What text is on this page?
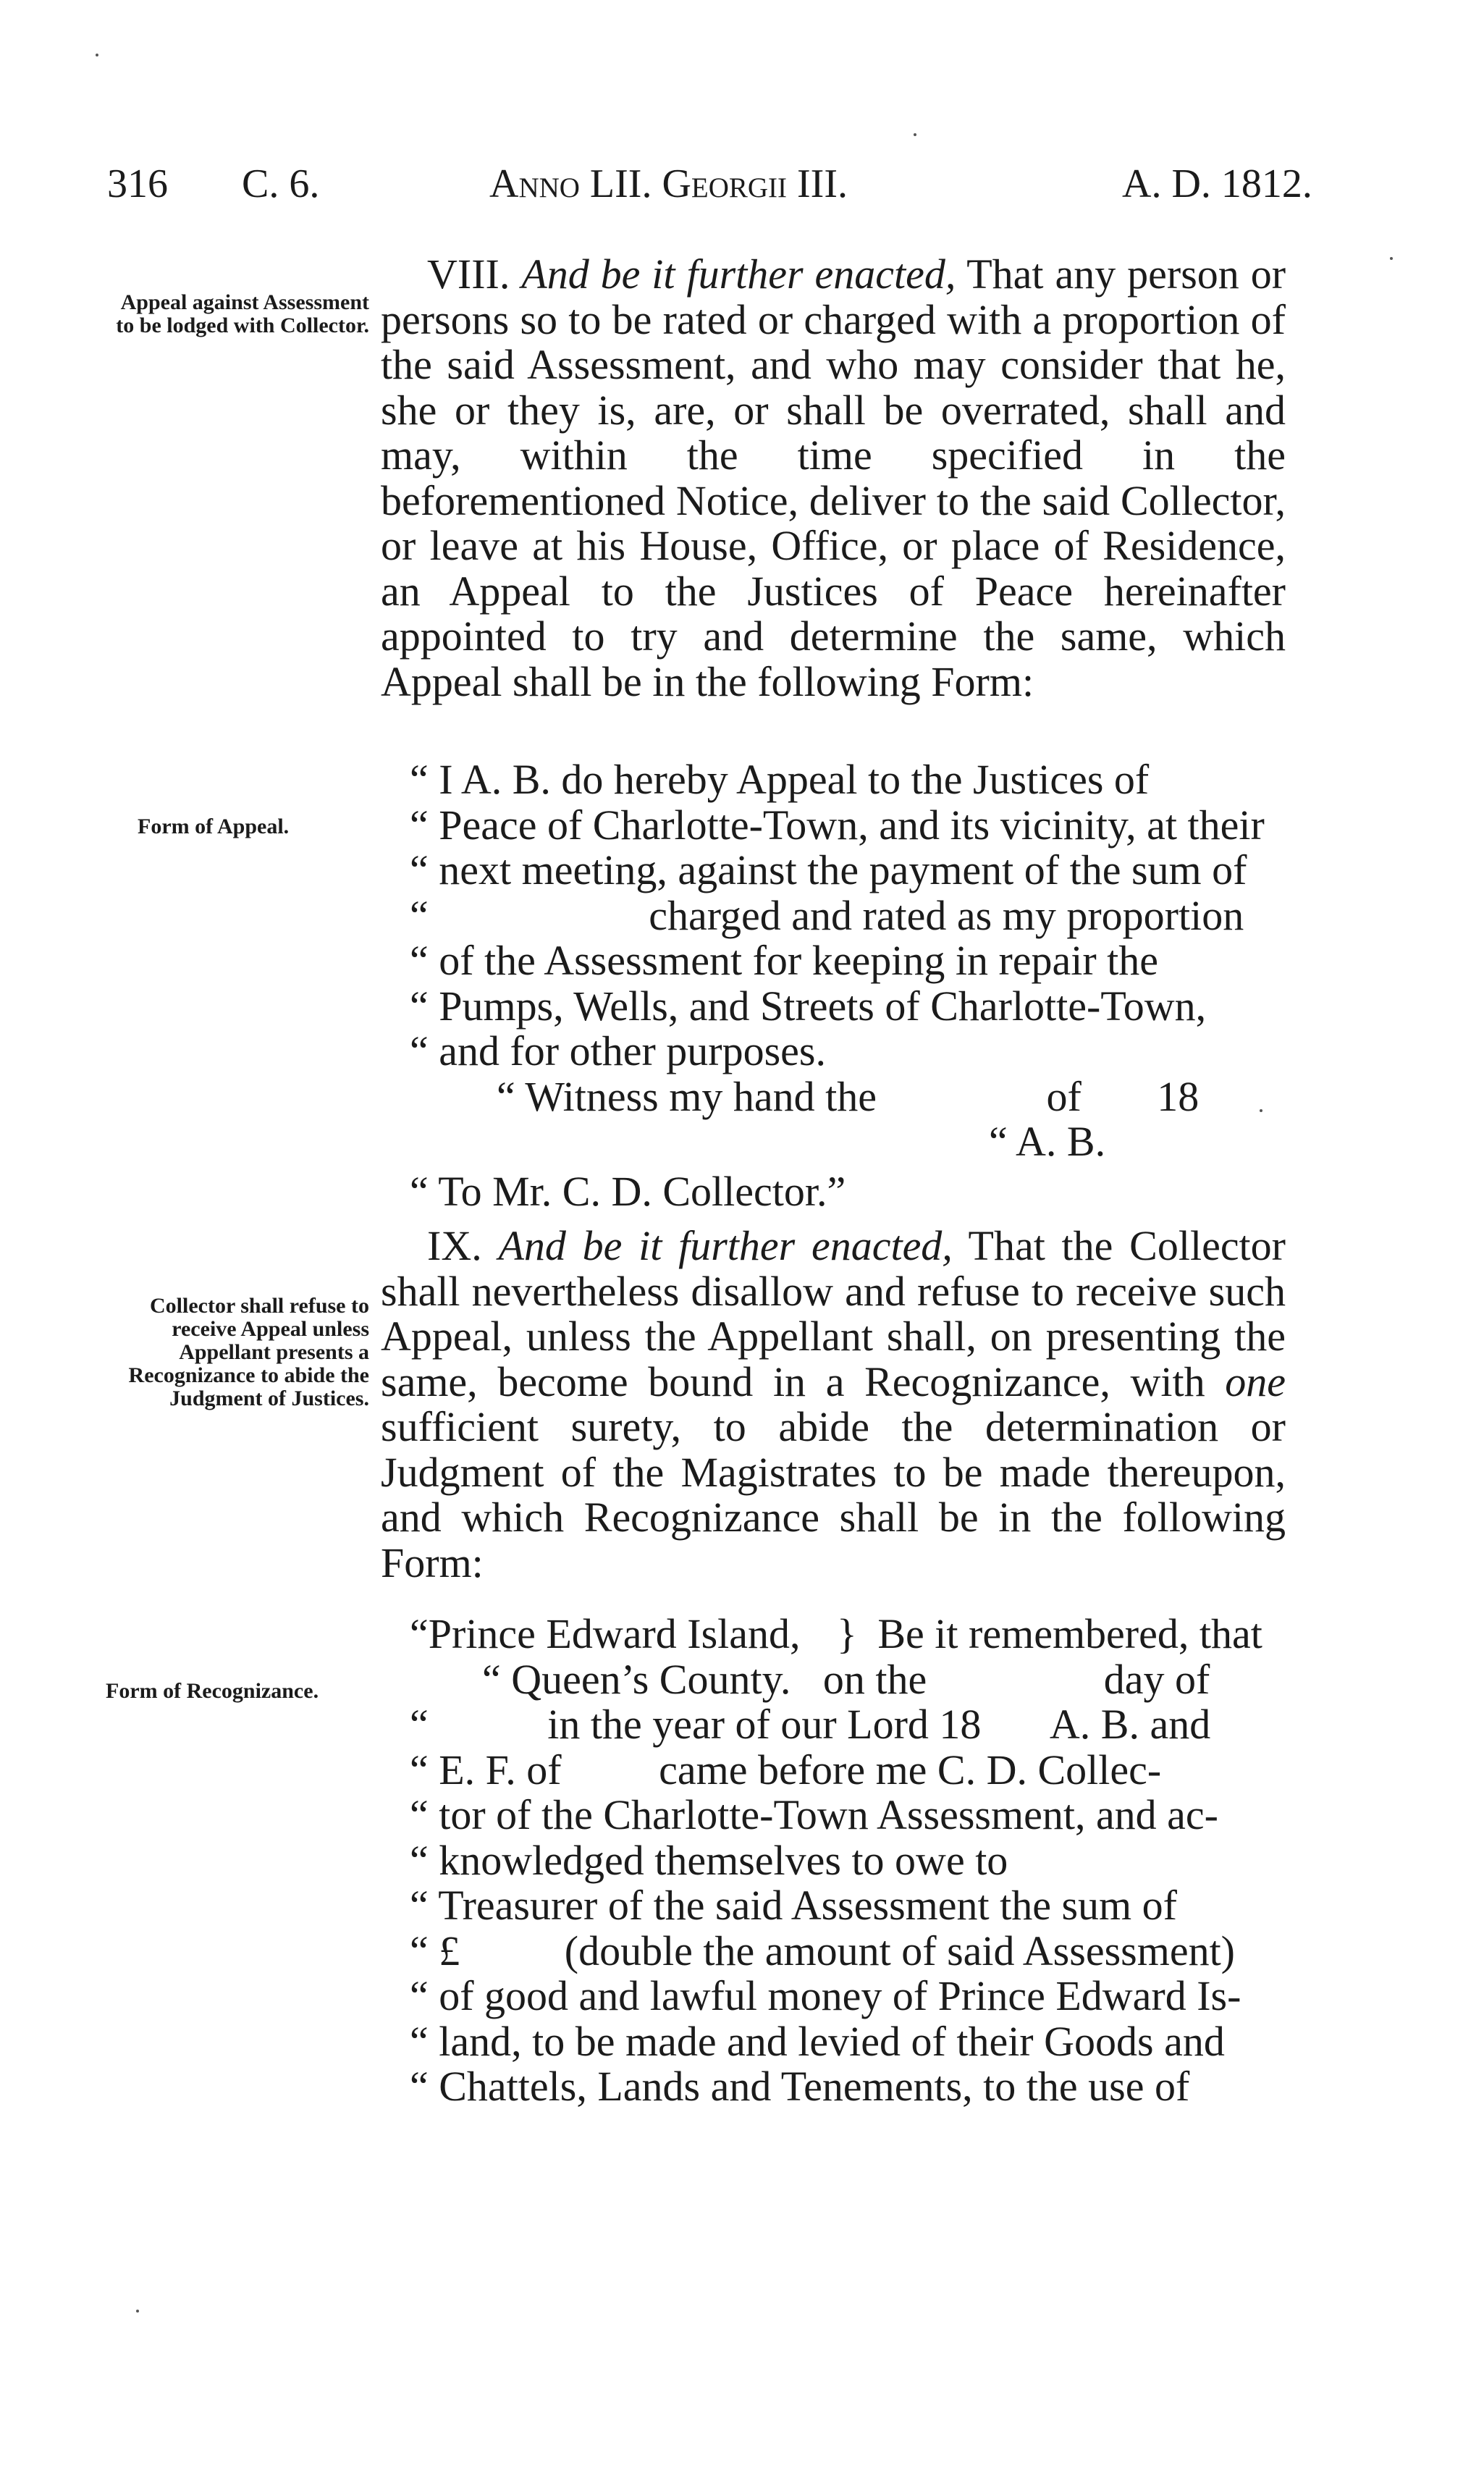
316 C. 6.	Anno LII. Georgii III.	A. D. 1812.
Appeal against Assessment to be lodged with Collector.
Form of Appeal.
Collector shall refuse to receive Appeal unless Appellant presents a Recognizance to abide the Judgment of Justices.
Form of Recognizance.

VIII. And be it further enacted, That any person or persons so to be rated or charged with a proportion of the said Assessment, and who may consider that he, she or they is, are, or shall be overrated, shall and may, within the time specified in the beforementioned Notice, deliver to the said Collector, or leave at his House, Office, or place of Residence, an Appeal to the Justices of Peace hereinafter appointed to try and determine the same, which Appeal shall be in the following Form:

“ I A. B. do hereby Appeal to the Justices of
“ Peace of Charlotte-Town, and its vicinity, at their
“ next meeting, against the payment of the sum of
“	charged and rated as my proportion
“ of the Assessment for keeping in repair the
“ Pumps, Wells, and Streets of Charlotte-Town,
“ and for other purposes.
“ Witness my hand the	of 18
“ A. B.
“ To Mr. C. D. Collector.”

IX. And be it further enacted, That the Collector shall nevertheless disallow and refuse to receive such Appeal, unless the Appellant shall, on presenting the same, become bound in a Recognizance, with one sufficient surety, to abide the determination or Judgment of the Magistrates to be made thereupon, and which Recognizance shall be in the following Form:

“Prince Edward Island, } Be it remembered, that
“ Queen’s County. on the	day of
“	in the year of our Lord 18 A. B. and
“ E. F. of came before me C. D. Collec-
“ tor of the Charlotte-Town Assessment, and ac-
“ knowledged themselves to owe to
“ Treasurer of the said Assessment the sum of
“ £ (double the amount of said Assessment)
“ of good and lawful money of Prince Edward Is-
“ land, to be made and levied of their Goods and
“ Chattels, Lands and Tenements, to the use of
